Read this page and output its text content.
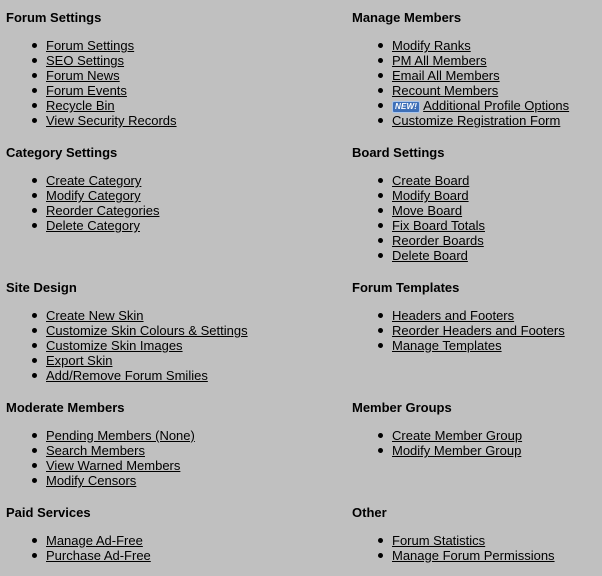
Forum Settings
Forum Settings
SEO Settings
Forum News
Forum Events
Recycle Bin
View Security Records
Manage Members
Modify Ranks
PM All Members
Email All Members
Recount Members
NEW! Additional Profile Options
Customize Registration Form
Category Settings
Create Category
Modify Category
Reorder Categories
Delete Category
Board Settings
Create Board
Modify Board
Move Board
Fix Board Totals
Reorder Boards
Delete Board
Site Design
Create New Skin
Customize Skin Colours & Settings
Customize Skin Images
Export Skin
Add/Remove Forum Smilies
Forum Templates
Headers and Footers
Reorder Headers and Footers
Manage Templates
Moderate Members
Pending Members (None)
Search Members
View Warned Members
Modify Censors
Member Groups
Create Member Group
Modify Member Group
Paid Services
Manage Ad-Free
Purchase Ad-Free
Other
Forum Statistics
Manage Forum Permissions
